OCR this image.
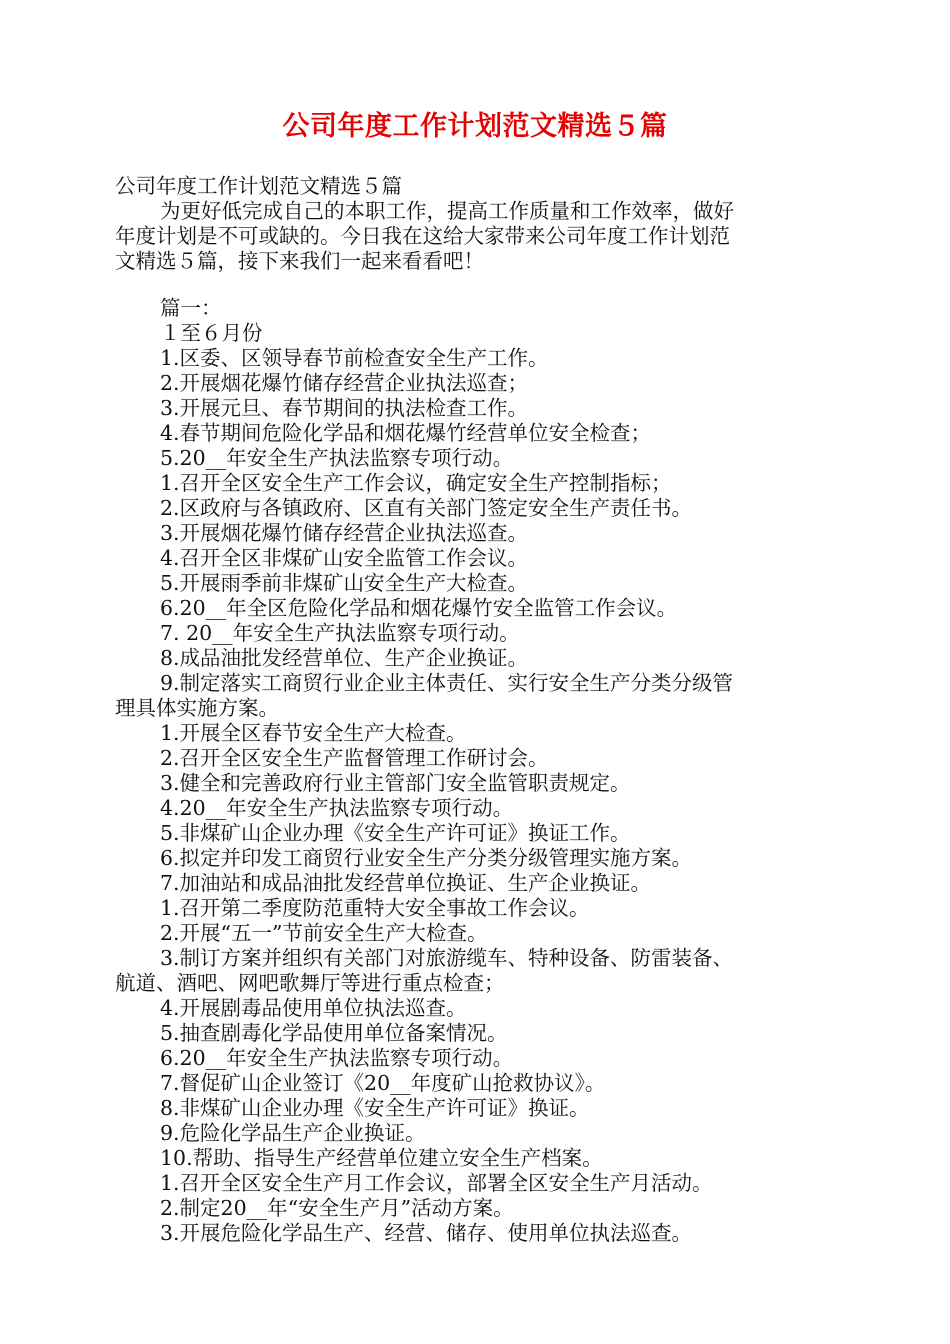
公司年度工作计划范文精选５篇
公司年度工作计划范文精选５篇
为更好低完成自己的本职工作，提高工作质量和工作效率，做好
年度计划是不可或缺的。今日我在这给大家带来公司年度工作计划范
文精选５篇，接下来我们一起来看看吧！
篇一：
１至６月份
1.区委、区领导春节前检查安全生产工作。
2.开展烟花爆竹储存经营企业执法巡查；
3.开展元旦、春节期间的执法检查工作。
4.春节期间危险化学品和烟花爆竹经营单位安全检查；
5.20__年安全生产执法监察专项行动。
1.召开全区安全生产工作会议，确定安全生产控制指标；
2.区政府与各镇政府、区直有关部门签定安全生产责任书。
3.开展烟花爆竹储存经营企业执法巡查。
4.召开全区非煤矿山安全监管工作会议。
5.开展雨季前非煤矿山安全生产大检查。
6.20__年全区危险化学品和烟花爆竹安全监管工作会议。
7. 20__年安全生产执法监察专项行动。
8.成品油批发经营单位、生产企业换证。
9.制定落实工商贸行业企业主体责任、实行安全生产分类分级管
理具体实施方案。
1.开展全区春节安全生产大检查。
2.召开全区安全生产监督管理工作研讨会。
3.健全和完善政府行业主管部门安全监管职责规定。
4.20__年安全生产执法监察专项行动。
5.非煤矿山企业办理《安全生产许可证》换证工作。
6.拟定并印发工商贸行业安全生产分类分级管理实施方案。
7.加油站和成品油批发经营单位换证、生产企业换证。
1.召开第二季度防范重特大安全事故工作会议。
2.开展“五一”节前安全生产大检查。
3.制订方案并组织有关部门对旅游缆车、特种设备、防雷装备、
航道、酒吧、网吧歌舞厅等进行重点检查；
4.开展剧毒品使用单位执法巡查。
5.抽查剧毒化学品使用单位备案情况。
6.20__年安全生产执法监察专项行动。
7.督促矿山企业签订《20__年度矿山抢救协议》。
8.非煤矿山企业办理《安全生产许可证》换证。
9.危险化学品生产企业换证。
10.帮助、指导生产经营单位建立安全生产档案。
1.召开全区安全生产月工作会议，部署全区安全生产月活动。
2.制定20__年“安全生产月”活动方案。
3.开展危险化学品生产、经营、储存、使用单位执法巡查。
